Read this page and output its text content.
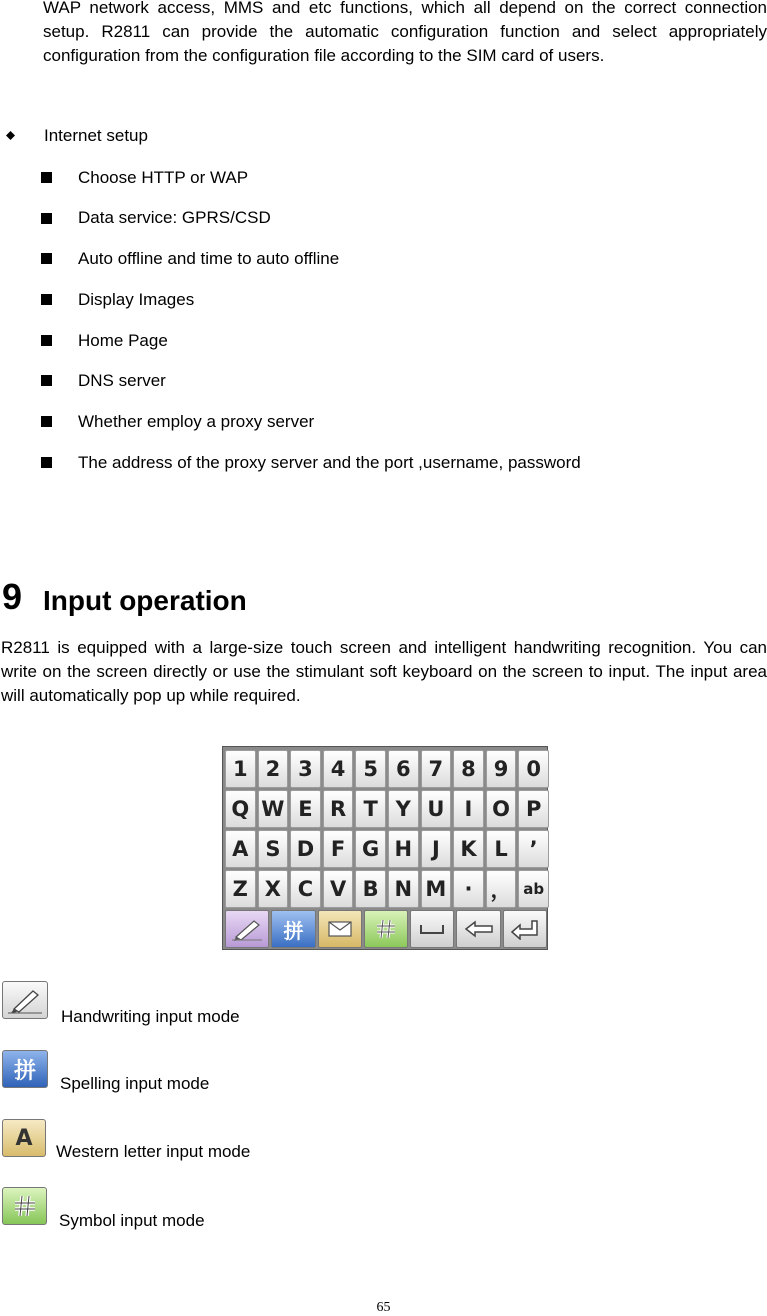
WAP network access, MMS and etc functions, which all depend on the correct connection setup. R2811 can provide the automatic configuration function and select appropriately configuration from the configuration file according to the SIM card of users.
Internet setup
Choose HTTP or WAP
Data service: GPRS/CSD
Auto offline and time to auto offline
Display Images
Home Page
DNS server
Whether employ a proxy server
The address of the proxy server and the port ,username, password
9 Input operation
R2811 is equipped with a large-size touch screen and intelligent handwriting recognition. You can write on the screen directly or use the stimulant soft keyboard on the screen to input. The input area will automatically pop up while required.
1 2 3 4 5 6 7 8 9 0
Q W E R T Y U I O P
A S D F G H J K L	’
Z X C V B N M · ， ab
拼
Handwriting input mode
拼	Spelling input mode
A
Western letter input mode
Symbol input mode
65
